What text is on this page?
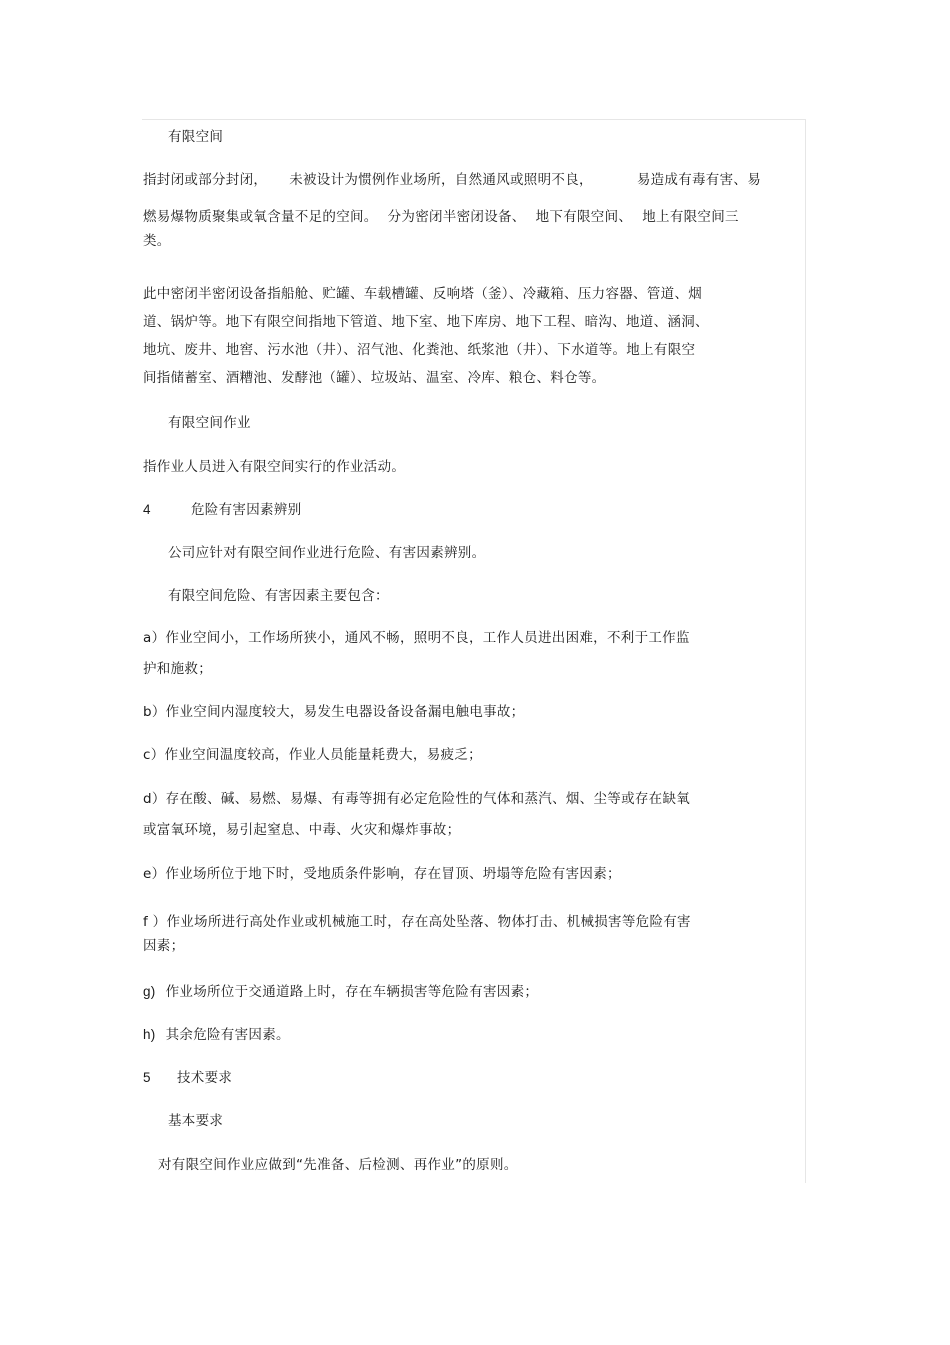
有限空间
指封闭或部分封闭， 未被设计为惯例作业场所，自然通风或照明不良，	易造成有毒有害、易
燃易爆物质聚集或氧含量不足的空间。 分为密闭半密闭设备、 地下有限空间、 地上有限空间三
类。
此中密闭半密闭设备指船舱、贮罐、车载槽罐、反响塔（釜）、冷藏箱、压力容器、管道、烟
道、锅炉等。地下有限空间指地下管道、地下室、地下库房、地下工程、暗沟、地道、涵洞、
地坑、废井、地窖、污水池（井）、沼气池、化粪池、纸浆池（井）、下水道等。地上有限空
间指储蓄室、酒糟池、发酵池（罐）、垃圾站、温室、冷库、粮仓、料仓等。
有限空间作业
指作业人员进入有限空间实行的作业活动。
4	危险有害因素辨别
公司应针对有限空间作业进行危险、有害因素辨别。
有限空间危险、有害因素主要包含：
a）作业空间小，工作场所狭小，通风不畅，照明不良，工作人员进出困难，不利于工作监
护和施救；
b）作业空间内湿度较大，易发生电器设备设备漏电触电事故；
c）作业空间温度较高，作业人员能量耗费大，易疲乏；
d）存在酸、碱、易燃、易爆、有毒等拥有必定危险性的气体和蒸汽、烟、尘等或存在缺氧
或富氧环境，易引起窒息、中毒、火灾和爆炸事故；
e）作业场所位于地下时，受地质条件影响，存在冒顶、坍塌等危险有害因素；
f ）作业场所进行高处作业或机械施工时，存在高处坠落、物体打击、机械损害等危险有害
因素；
g) 作业场所位于交通道路上时，存在车辆损害等危险有害因素；
h) 其余危险有害因素。
5 技术要求
基本要求
对有限空间作业应做到“先准备、后检测、再作业”的原则。
